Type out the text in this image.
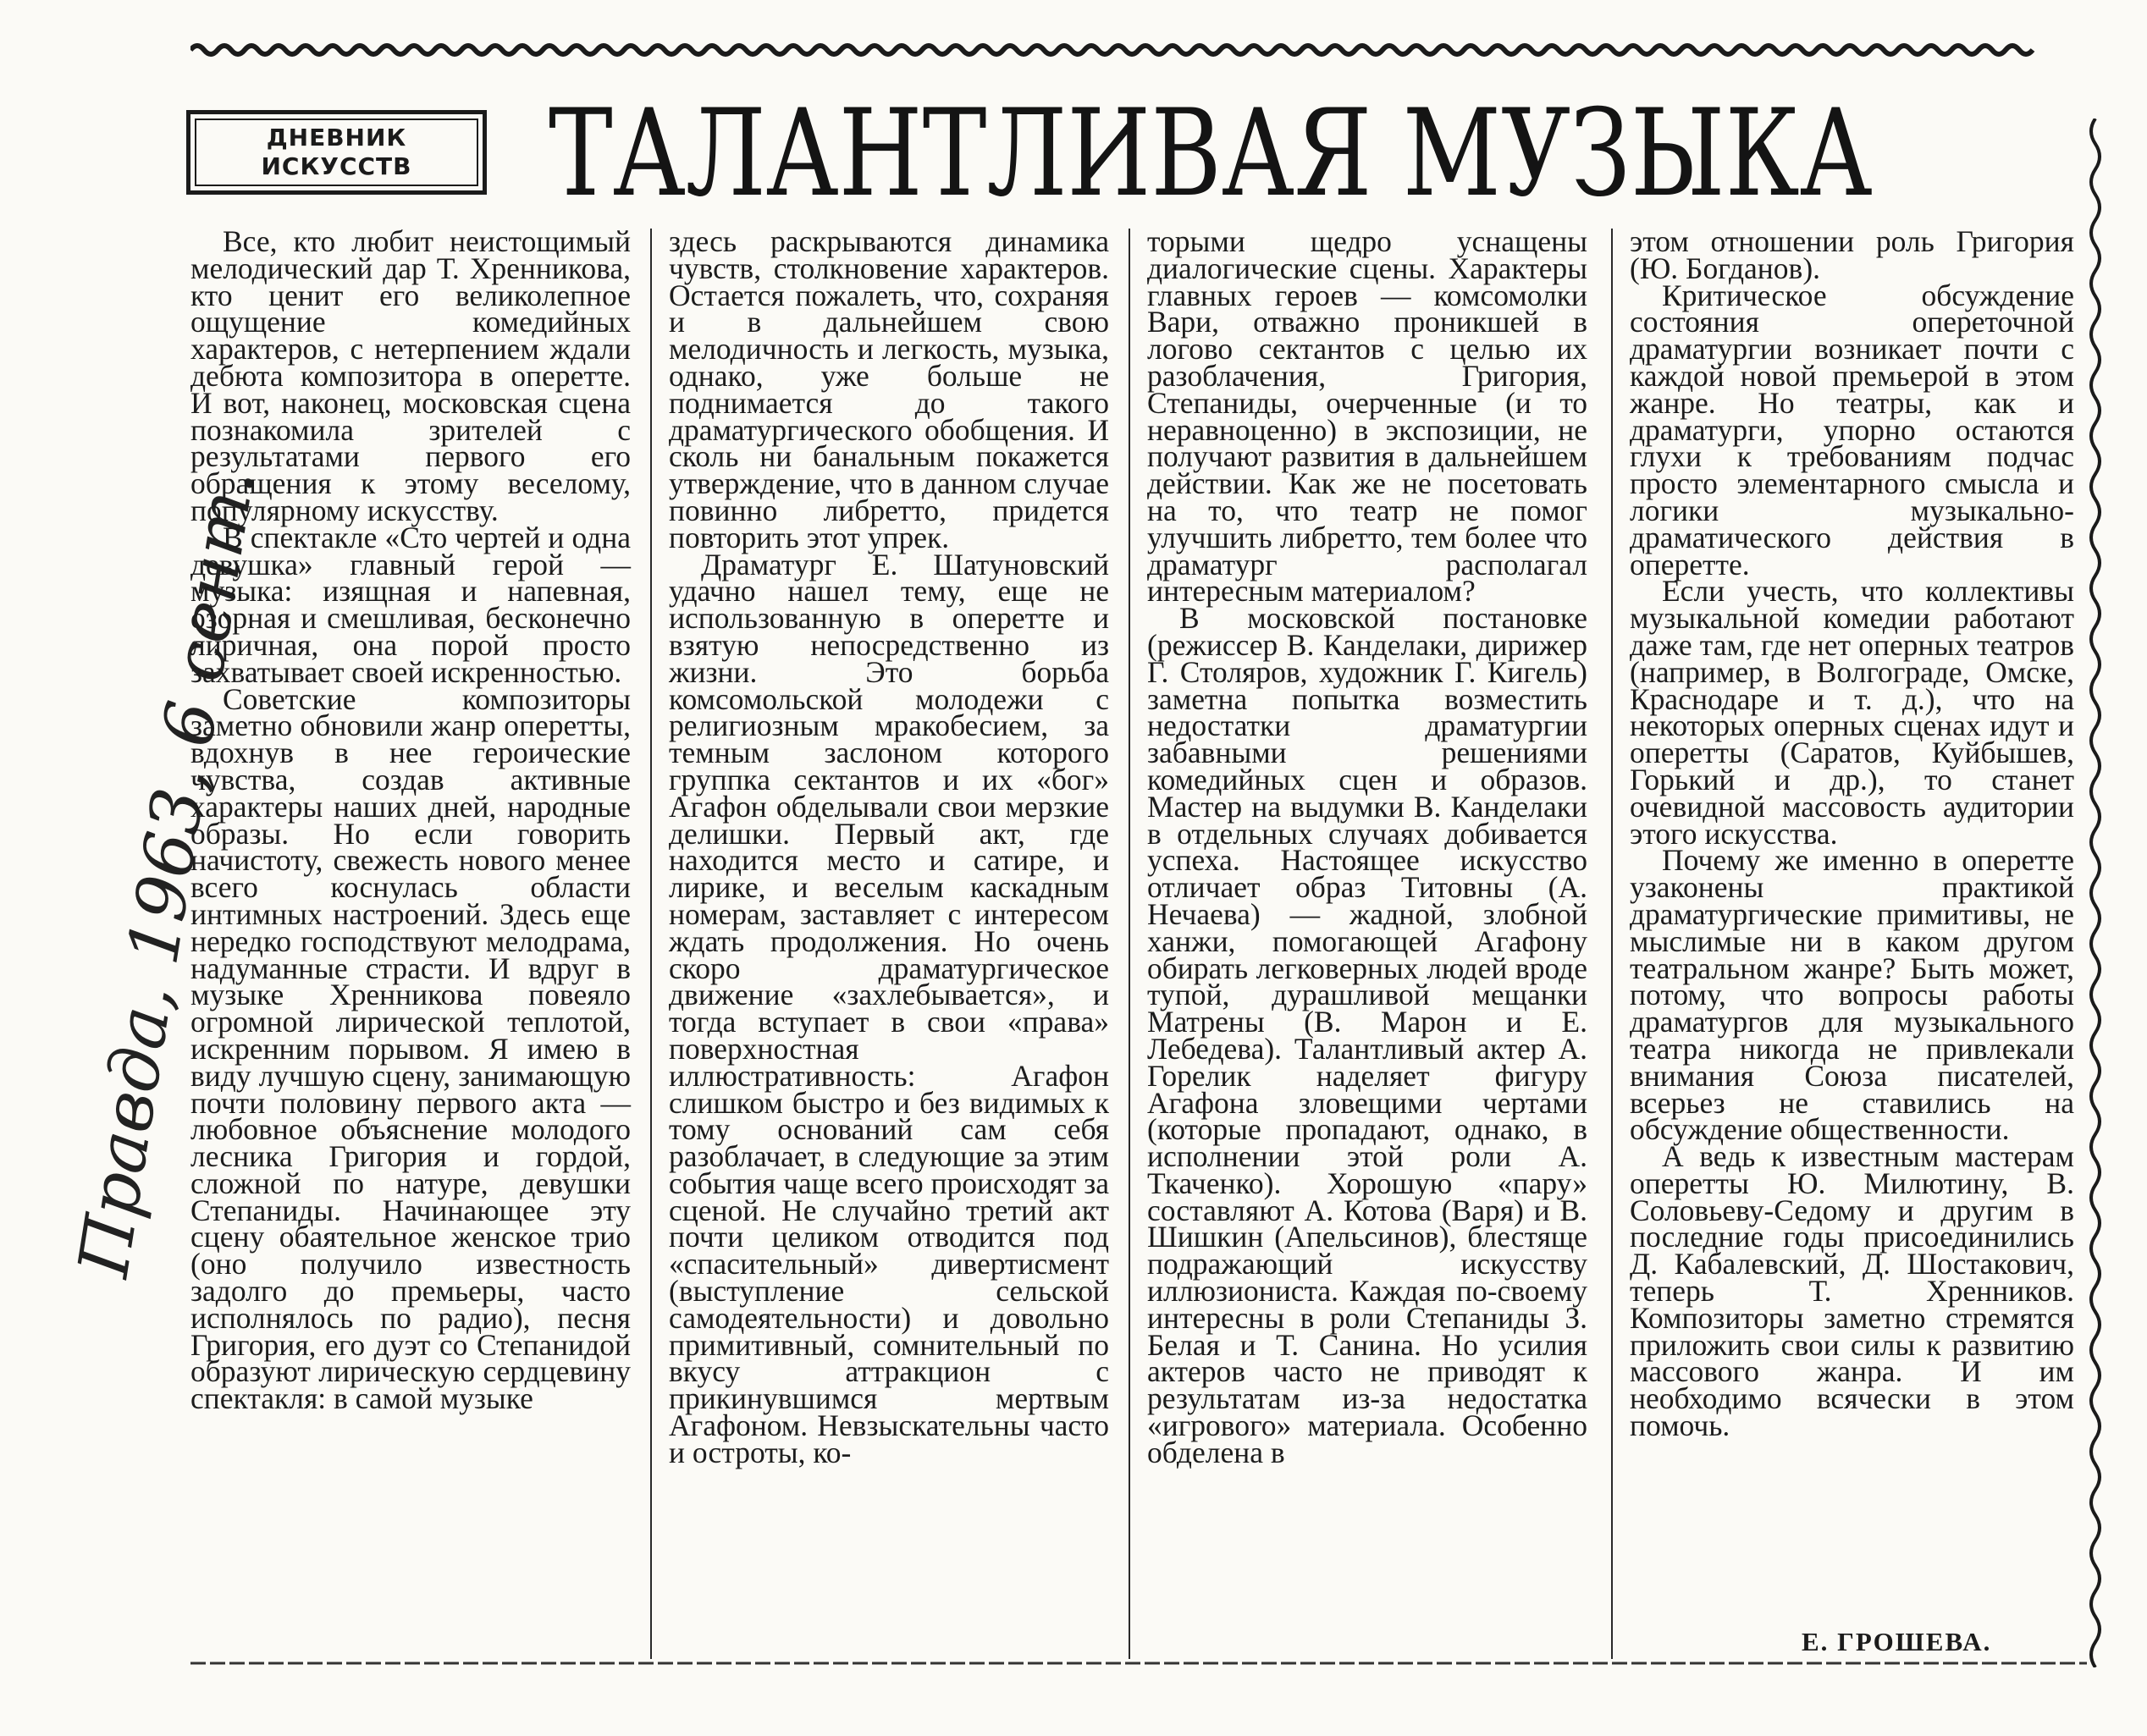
ДНЕВНИК
ИСКУССТВ ТАЛАНТЛИВАЯ МУЗЫКА
Правда, 1963, 6 сент.

Все, кто любит неистощимый мелодический дар Т. Хренникова, кто ценит его великолепное ощущение комедийных характеров, с нетерпением ждали дебюта композитора в оперетте. И вот, наконец, московская сцена познакомила зрителей с результатами первого его обращения к этому веселому, популярному искусству.

В спектакле «Сто чертей и одна девушка» главный герой — музыка: изящная и напевная, озорная и смешливая, бесконечно лиричная, она порой просто захватывает своей искренностью.

Советские композиторы заметно обновили жанр оперетты, вдохнув в нее героические чувства, создав активные характеры наших дней, народные образы. Но если говорить начистоту, свежесть нового менее всего коснулась области интимных настроений. Здесь еще нередко господствуют мелодрама, надуманные страсти. И вдруг в музыке Хренникова повеяло огромной лирической теплотой, искренним порывом. Я имею в виду лучшую сцену, занимающую почти половину первого акта — любовное объяснение молодого лесника Григория и гордой, сложной по натуре, девушки Степаниды. Начинающее эту сцену обаятельное женское трио (оно получило известность задолго до премьеры, часто исполнялось по радио), песня Григория, его дуэт со Степанидой образуют лирическую сердцевину спектакля: в самой музыке

здесь раскрываются динамика чувств, столкновение характеров. Остается пожалеть, что, сохраняя и в дальнейшем свою мелодичность и легкость, музыка, однако, уже больше не поднимается до такого драматургического обобщения. И сколь ни банальным покажется утверждение, что в данном случае повинно либретто, придется повторить этот упрек.

Драматург Е. Шатуновский удачно нашел тему, еще не использованную в оперетте и взятую непосредственно из жизни. Это борьба комсомольской молодежи с религиозным мракобесием, за темным заслоном которого группка сектантов и их «бог» Агафон обделывали свои мерзкие делишки. Первый акт, где находится место и сатире, и лирике, и веселым каскадным номерам, заставляет с интересом ждать продолжения. Но очень скоро драматургическое движение «захлебывается», и тогда вступает в свои «права» поверхностная иллюстративность: Агафон слишком быстро и без видимых к тому оснований сам себя разоблачает, в следующие за этим события чаще всего происходят за сценой. Не случайно третий акт почти целиком отводится под «спасительный» дивертисмент (выступление сельской самодеятельности) и довольно примитивный, сомнительный по вкусу аттракцион с прикинувшимся мертвым Агафоном. Невзыскательны часто и остроты, ко-

торыми щедро уснащены диалогические сцены. Характеры главных героев — комсомолки Вари, отважно проникшей в логово сектантов с целью их разоблачения, Григория, Степаниды, очерченные (и то неравноценно) в экспозиции, не получают развития в дальнейшем действии. Как же не посетовать на то, что театр не помог улучшить либретто, тем более что драматург располагал интересным материалом?

В московской постановке (режиссер В. Канделаки, дирижер Г. Столяров, художник Г. Кигель) заметна попытка возместить недостатки драматургии забавными решениями комедийных сцен и образов. Мастер на выдумки В. Канделаки в отдельных случаях добивается успеха. Настоящее искусство отличает образ Титовны (А. Нечаева) — жадной, злобной ханжи, помогающей Агафону обирать легковерных людей вроде тупой, дурашливой мещанки Матрены (В. Марон и Е. Лебедева). Талантливый актер А. Горелик наделяет фигуру Агафона зловещими чертами (которые пропадают, однако, в исполнении этой роли А. Ткаченко). Хорошую «пару» составляют А. Котова (Варя) и В. Шишкин (Апельсинов), блестяще подражающий искусству иллюзиониста. Каждая по-своему интересны в роли Степаниды З. Белая и Т. Санина. Но усилия актеров часто не приводят к результатам из-за недостатка «игрового» материала. Особенно обделена в

этом отношении роль Григория (Ю. Богданов).

Критическое обсуждение состояния опереточной драматургии возникает почти с каждой новой премьерой в этом жанре. Но театры, как и драматурги, упорно остаются глухи к требованиям подчас просто элементарного смысла и логики музыкально-драматического действия в оперетте.

Если учесть, что коллективы музыкальной комедии работают даже там, где нет оперных театров (например, в Волгограде, Омске, Краснодаре и т. д.), что на некоторых оперных сценах идут и оперетты (Саратов, Куйбышев, Горький и др.), то станет очевидной массовость аудитории этого искусства.

Почему же именно в оперетте узаконены практикой драматургические примитивы, не мыслимые ни в каком другом театральном жанре? Быть может, потому, что вопросы работы драматургов для музыкального театра никогда не привлекали внимания Союза писателей, всерьез не ставились на обсуждение общественности.

А ведь к известным мастерам оперетты Ю. Милютину, В. Соловьеву-Седому и другим в последние годы присоединились Д. Кабалевский, Д. Шостакович, теперь Т. Хренников. Композиторы заметно стремятся приложить свои силы к развитию массового жанра. И им необходимо всячески в этом помочь.

Е. ГРОШЕВА.
